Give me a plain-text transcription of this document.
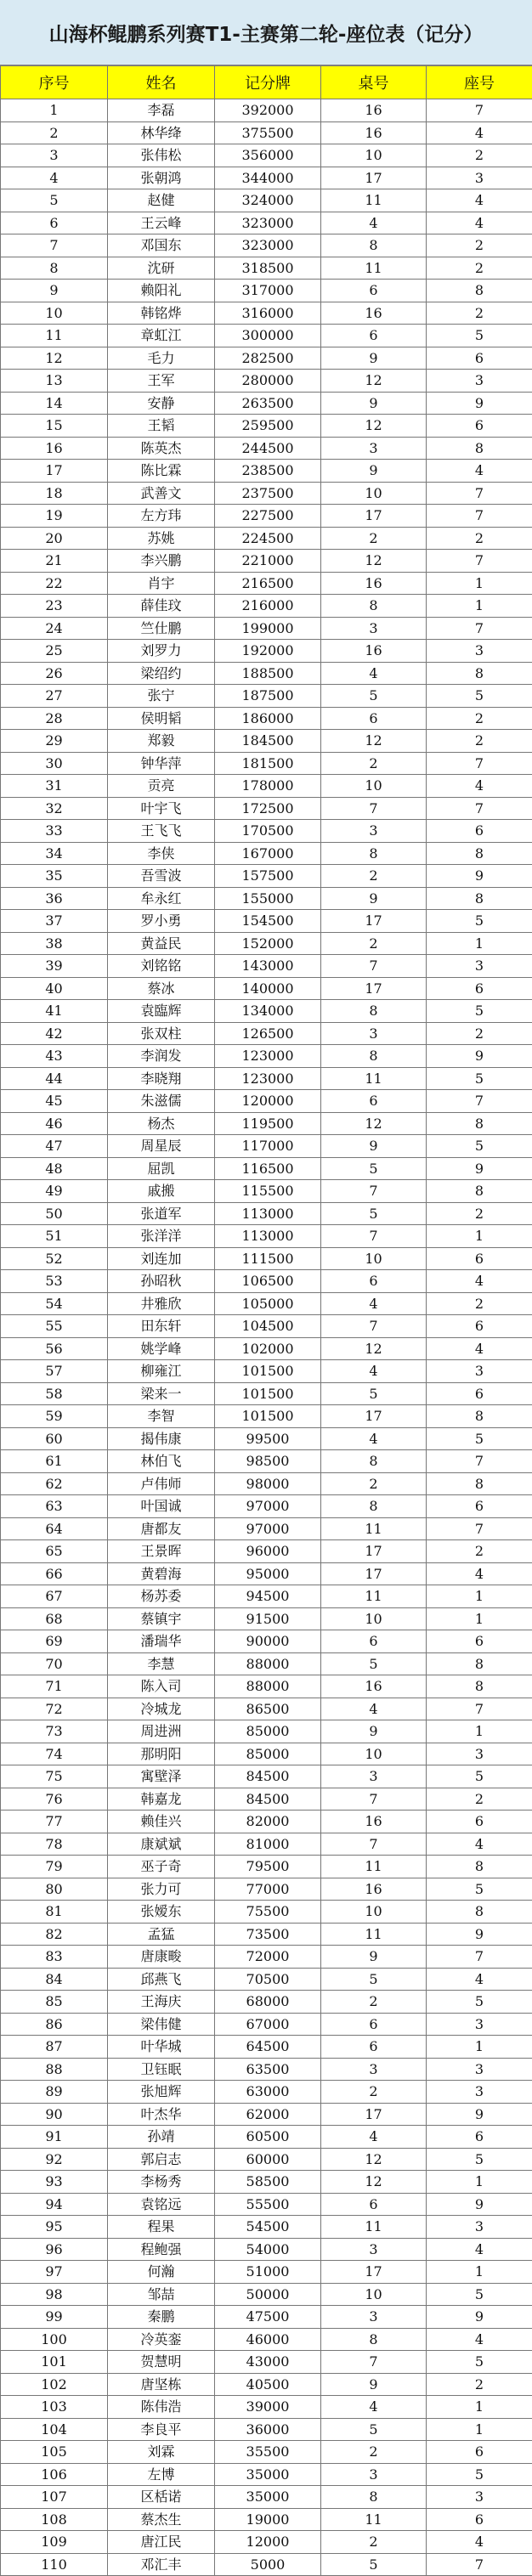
山海杯鲲鹏系列赛T1-主赛第二轮-座位表（记分）
序号	姓名	记分牌	桌号	座号
1	李磊	392000	16	7
2	林华绛	375500	16	4
3	张伟松	356000	10	2
4	张朝鸿	344000	17	3
5	赵健	324000	11	4
6	王云峰	323000	4	4
7	邓国东	323000	8	2
8	沈研	318500	11	2
9	赖阳礼	317000	6	8
10	韩铭烨	316000	16	2
11	章虹江	300000	6	5
12	毛力	282500	9	6
13	王军	280000	12	3
14	安静	263500	9	9
15	王韬	259500	12	6
16	陈英杰	244500	3	8
17	陈比霖	238500	9	4
18	武善文	237500	10	7
19	左方玮	227500	17	7
20	苏姚	224500	2	2
21	李兴鹏	221000	12	7
22	肖宇	216500	16	1
23	薛佳玟	216000	8	1
24	竺仕鹏	199000	3	7
25	刘罗力	192000	16	3
26	梁绍约	188500	4	8
27	张宁	187500	5	5
28	侯明韬	186000	6	2
29	郑毅	184500	12	2
30	钟华萍	181500	2	7
31	贡亮	178000	10	4
32	叶宇飞	172500	7	7
33	王飞飞	170500	3	6
34	李侠	167000	8	8
35	吾雪波	157500	2	9
36	牟永红	155000	9	8
37	罗小勇	154500	17	5
38	黄益民	152000	2	1
39	刘铭铭	143000	7	3
40	蔡冰	140000	17	6
41	袁臨辉	134000	8	5
42	张双柱	126500	3	2
43	李润发	123000	8	9
44	李晓翔	123000	11	5
45	朱滋儒	120000	6	7
46	杨杰	119500	12	8
47	周星辰	117000	9	5
48	屈凯	116500	5	9
49	戚搬	115500	7	8
50	张道军	113000	5	2
51	张洋洋	113000	7	1
52	刘连加	111500	10	6
53	孙昭秋	106500	6	4
54	井雅欣	105000	4	2
55	田东轩	104500	7	6
56	姚学峰	102000	12	4
57	柳雍江	101500	4	3
58	梁来一	101500	5	6
59	李智	101500	17	8
60	揭伟康	99500	4	5
61	林伯飞	98500	8	7
62	卢伟师	98000	2	8
63	叶国诚	97000	8	6
64	唐都友	97000	11	7
65	王景晖	96000	17	2
66	黄碧海	95000	17	4
67	杨苏委	94500	11	1
68	蔡镇宇	91500	10	1
69	潘瑞华	90000	6	6
70	李慧	88000	5	8
71	陈入司	88000	16	8
72	冷城龙	86500	4	7
73	周进洲	85000	9	1
74	那明阳	85000	10	3
75	寓壁泽	84500	3	5
76	韩嘉龙	84500	7	2
77	赖佳兴	82000	16	6
78	康斌斌	81000	7	4
79	巫子奇	79500	11	8
80	张力可	77000	16	5
81	张嫒东	75500	10	8
82	孟猛	73500	11	9
83	唐康畯	72000	9	7
84	邱燕飞	70500	5	4
85	王海庆	68000	2	5
86	梁伟健	67000	6	3
87	叶华城	64500	6	1
88	卫钰眠	63500	3	3
89	张旭辉	63000	2	3
90	叶杰华	62000	17	9
91	孙靖	60500	4	6
92	郭启志	60000	12	5
93	李杨秀	58500	12	1
94	袁铭远	55500	6	9
95	程果	54500	11	3
96	程鲍强	54000	3	4
97	何瀚	51000	17	1
98	邹喆	50000	10	5
99	秦鹏	47500	3	9
100	冷英銮	46000	8	4
101	贺慧明	43000	7	5
102	唐坚栋	40500	9	2
103	陈伟浩	39000	4	1
104	李良平	36000	5	1
105	刘霖	35500	2	6
106	左博	35000	3	5
107	区栝诺	35000	8	3
108	蔡杰生	19000	11	6
109	唐江民	12000	2	4
110	邓汇丰	5000	5	7
